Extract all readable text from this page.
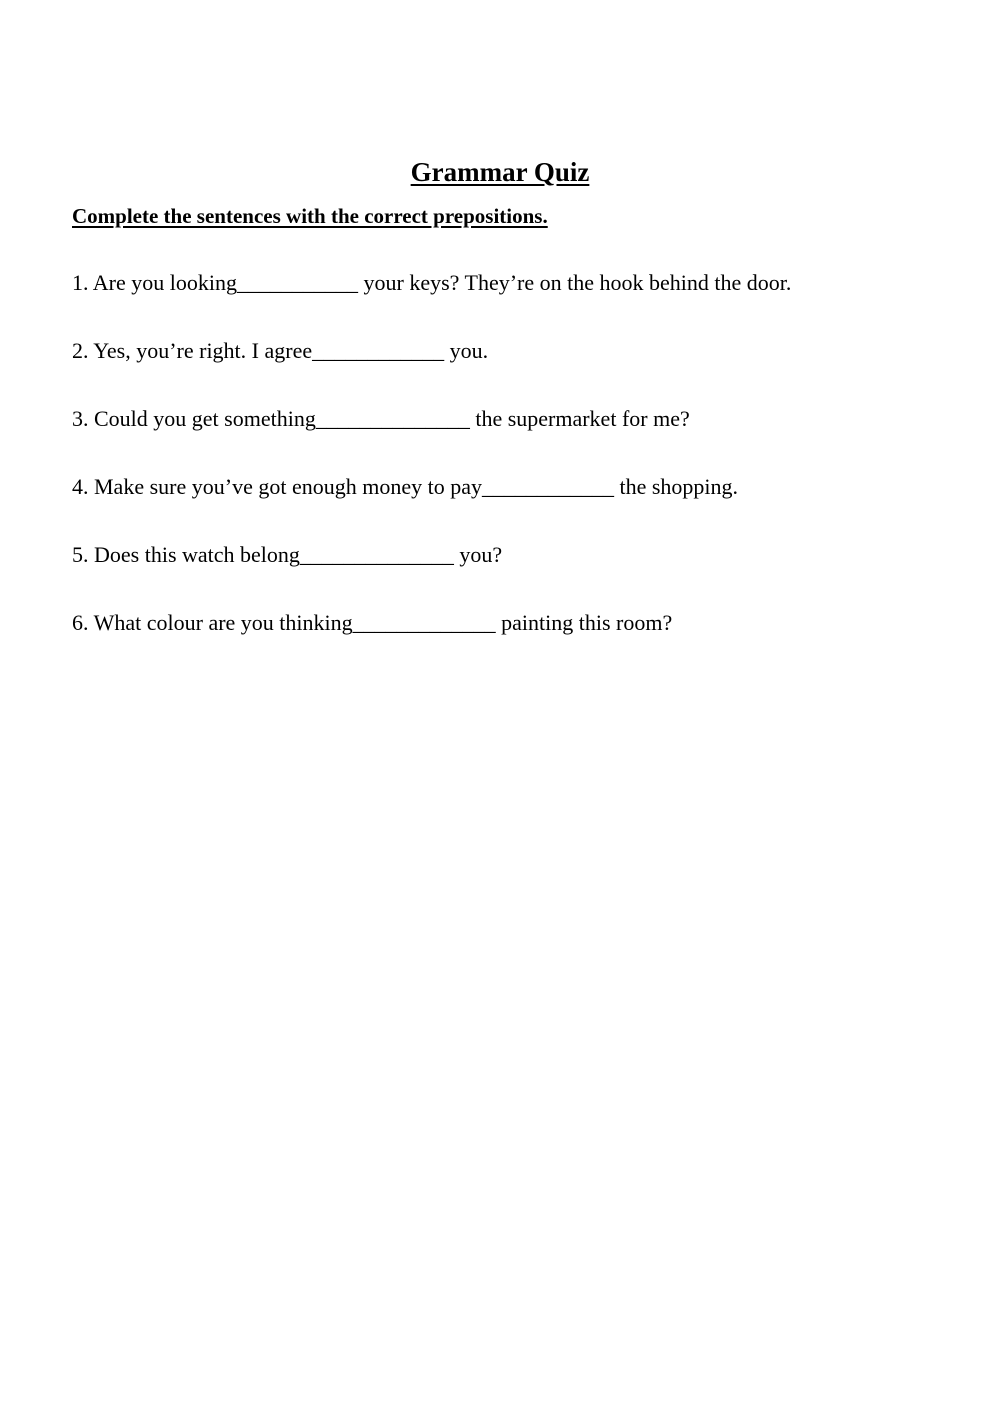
Grammar Quiz
Complete the sentences with the correct prepositions.
1. Are you looking___________ your keys? They’re on the hook behind the door.
2. Yes, you’re right. I agree____________ you.
3. Could you get something______________ the supermarket for me?
4. Make sure you’ve got enough money to pay____________ the shopping.
5. Does this watch belong______________ you?
6. What colour are you thinking_____________ painting this room?
